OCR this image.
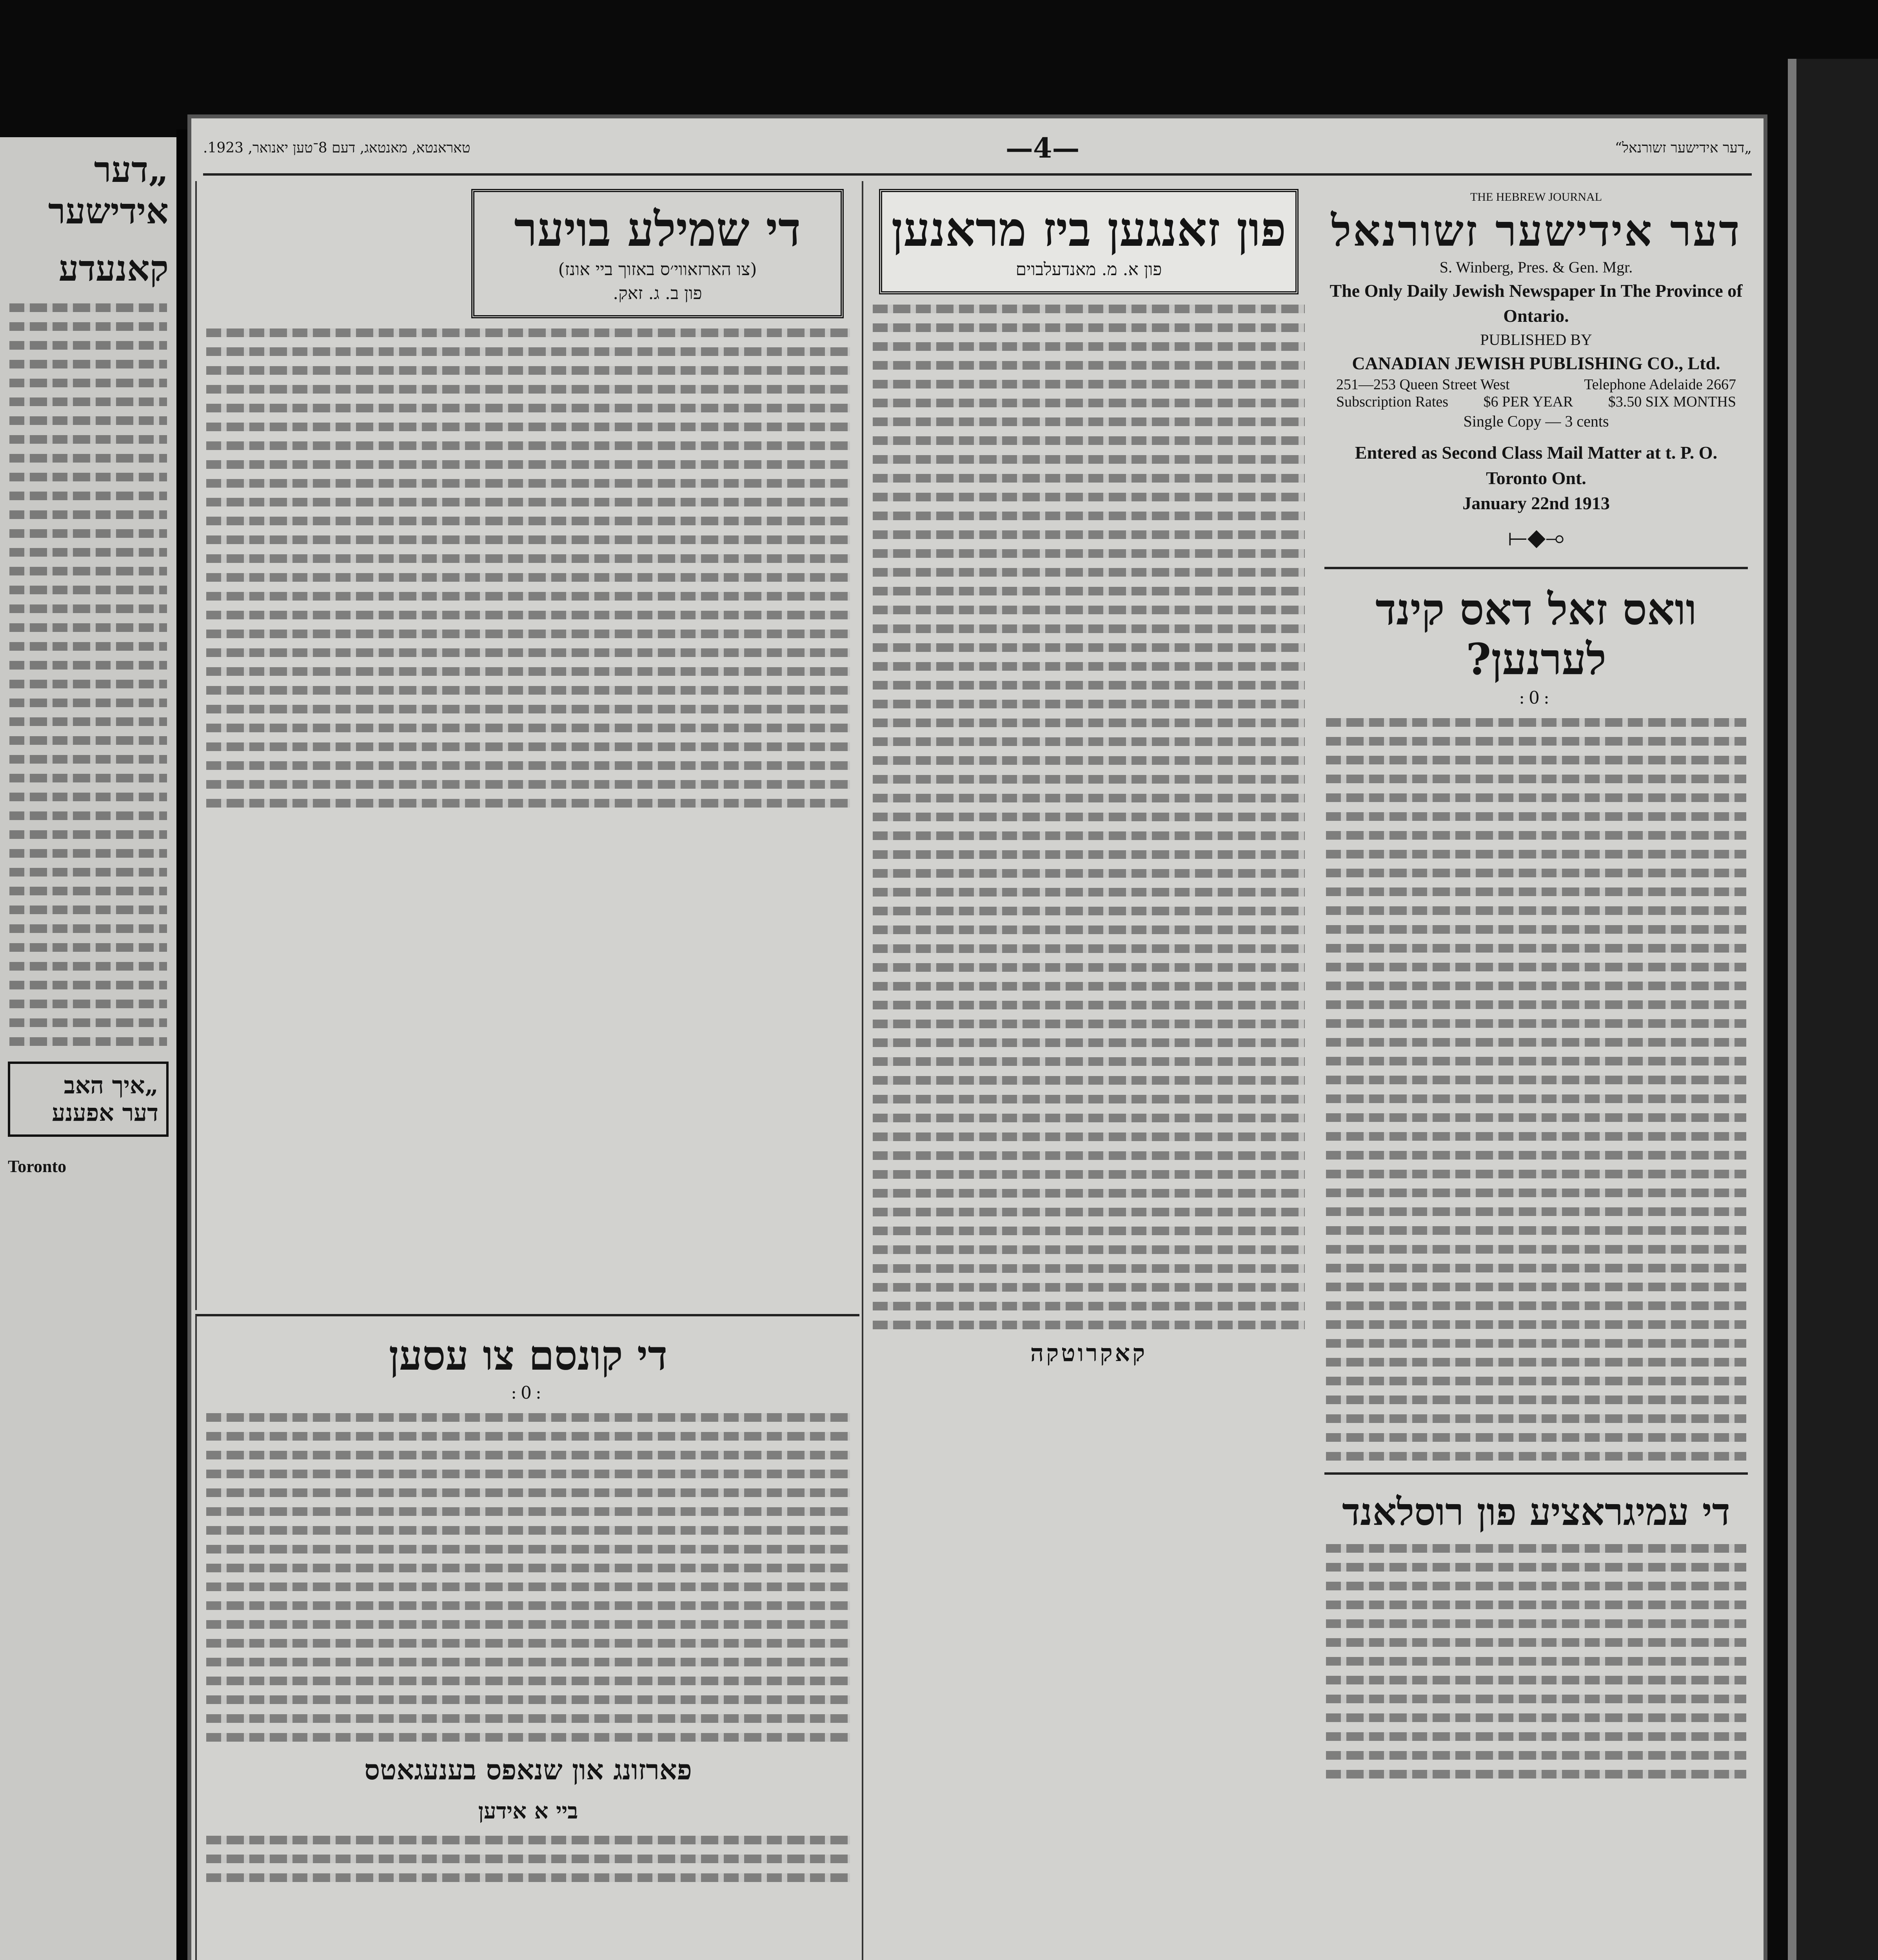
„דער אידישער
קאנעדע
„איך האב
דער אפענע
Toronto
„דער אידישער זשורנאל“
—4—
טאראנטא, מאנטאג, דעם 8־טען יאנואר, 1923.
THE HEBREW JOURNAL
דער אידישער זשורנאל
S. Winberg, Pres. & Gen. Mgr.
The Only Daily Jewish Newspaper In The Province of Ontario.
PUBLISHED BY
CANADIAN JEWISH PUBLISHING CO., Ltd.
251—253 Queen Street West	Telephone Adelaide 2667
Subscription Rates $6 PER YEAR $3.50 SIX MONTHS
Single Copy — 3 cents
Entered as Second Class Mail Matter at t. P. O. Toronto Ont.
January 22nd 1913
⟜◆⟞
וואס זאל דאס קינד לערנען?
:0:
די עמיגראציע פון רוסלאנד
פון זאנגען ביז מראנען
פון א. מ. מאנדעלבוים
קאקרוטקה
די שמילע בויער
(צו הארזאווי׳ס באזוך ביי אונז)
פון ב. ג. זאק.
די קונסם צו עסען
:0:
פארזונג און שנאפס בענעגאטס
ביי א אידען
